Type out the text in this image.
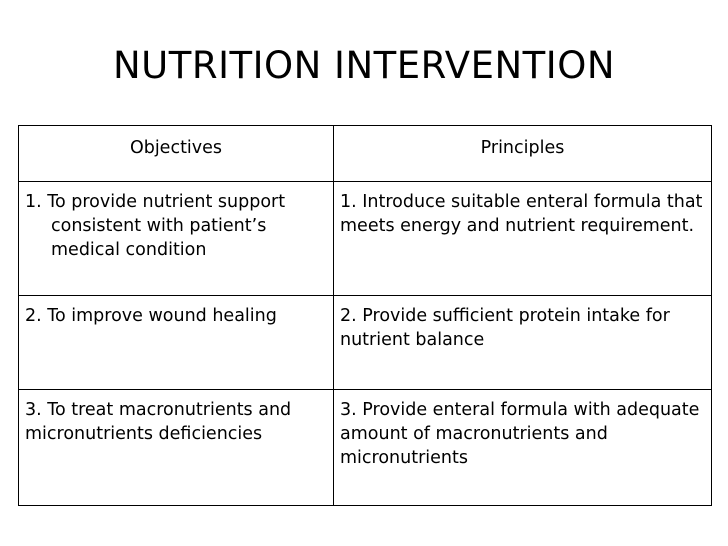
NUTRITION INTERVENTION
Objectives	Principles

1. To provide nutrient support consistent with patient’s medical condition	1. Introduce suitable enteral formula that meets energy and nutrient requirement.

2. To improve wound healing	2. Provide sufficient protein intake for nutrient balance

3. To treat macronutrients and micronutrients deficiencies	3. Provide enteral formula with adequate amount of macronutrients and micronutrients
